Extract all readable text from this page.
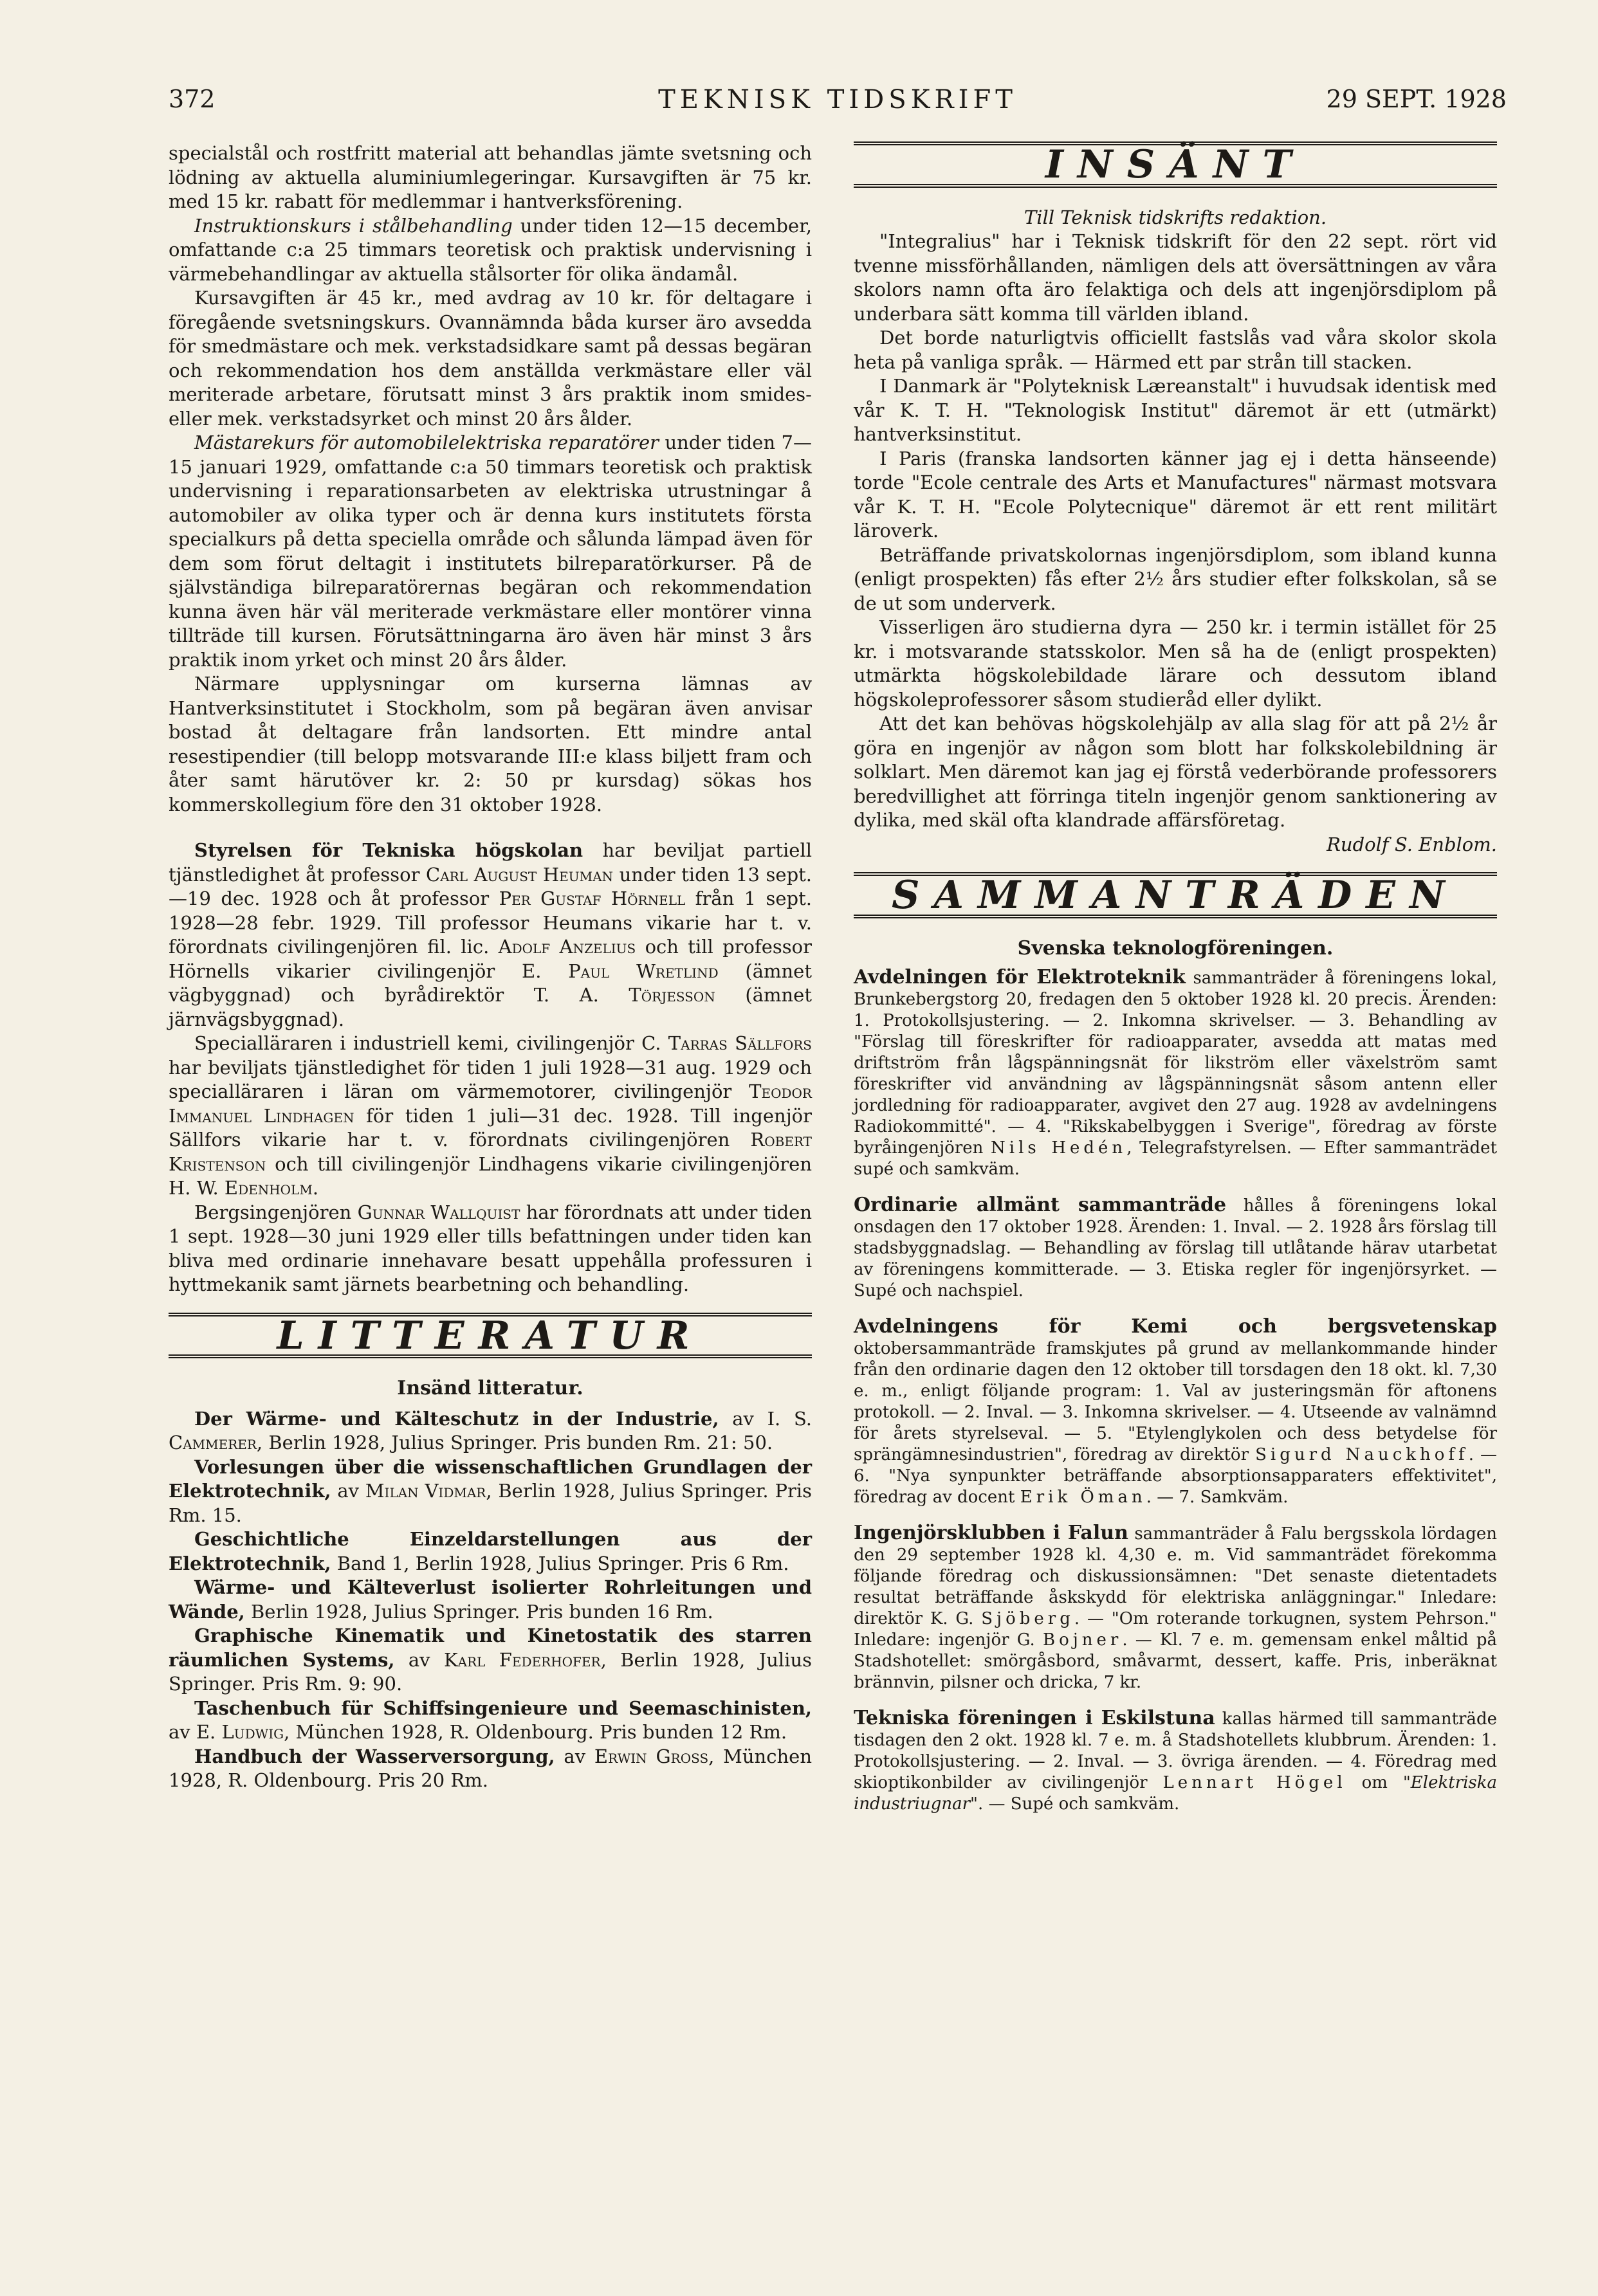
372	TEKNISK TIDSKRIFT	29 SEPT. 1928

specialstål och rostfritt material att behandlas jämte svetsning och lödning av aktuella aluminiumlegeringar. Kursavgiften är 75 kr. med 15 kr. rabatt för medlemmar i hantverksförening.

Instruktionskurs i stålbehandling under tiden 12—15 december, omfattande c:a 25 timmars teoretisk och praktisk undervisning i värmebehandlingar av aktuella stålsorter för olika ändamål.

Kursavgiften är 45 kr., med avdrag av 10 kr. för deltagare i föregående svetsningskurs. Ovannämnda båda kurser äro avsedda för smedmästare och mek. verkstadsidkare samt på dessas begäran och rekommendation hos dem anställda verkmästare eller väl meriterade arbetare, förutsatt minst 3 års praktik inom smides- eller mek. verkstadsyrket och minst 20 års ålder.

Mästarekurs för automobilelektriska reparatörer under tiden 7—15 januari 1929, omfattande c:a 50 timmars teoretisk och praktisk undervisning i reparationsarbeten av elektriska utrustningar å automobiler av olika typer och är denna kurs institutets första specialkurs på detta speciella område och sålunda lämpad även för dem som förut deltagit i institutets bilreparatörkurser. På de självständiga bilreparatörernas begäran och rekommendation kunna även här väl meriterade verkmästare eller montörer vinna tillträde till kursen. Förutsättningarna äro även här minst 3 års praktik inom yrket och minst 20 års ålder.

Närmare upplysningar om kurserna lämnas av Hantverksinstitutet i Stockholm, som på begäran även anvisar bostad åt deltagare från landsorten. Ett mindre antal resestipendier (till belopp motsvarande III:e klass biljett fram och åter samt härutöver kr. 2: 50 pr kursdag) sökas hos kommerskollegium före den 31 oktober 1928.

Styrelsen för Tekniska högskolan har beviljat partiell tjänstledighet åt professor Carl August Heuman under tiden 13 sept.—19 dec. 1928 och åt professor Per Gustaf Hörnell från 1 sept. 1928—28 febr. 1929. Till professor Heumans vikarie har t. v. förordnats civilingenjören fil. lic. Adolf Anzelius och till professor Hörnells vikarier civilingenjör E. Paul Wretlind (ämnet vägbyggnad) och byrådirektör T. A. Törjesson (ämnet järnvägsbyggnad).

Specialläraren i industriell kemi, civilingenjör C. Tarras Sällfors har beviljats tjänstledighet för tiden 1 juli 1928—31 aug. 1929 och specialläraren i läran om värmemotorer, civilingenjör Teodor Immanuel Lindhagen för tiden 1 juli—31 dec. 1928. Till ingenjör Sällfors vikarie har t. v. förordnats civilingenjören Robert Kristenson och till civilingenjör Lindhagens vikarie civilingenjören H. W. Edenholm.

Bergsingenjören Gunnar Wallquist har förordnats att under tiden 1 sept. 1928—30 juni 1929 eller tills befattningen under tiden kan bliva med ordinarie innehavare besatt uppehålla professuren i hyttmekanik samt järnets bearbetning och behandling.

LITTERATUR
Insänd litteratur.

Der Wärme- und Kälteschutz in der Industrie, av I. S. Cammerer, Berlin 1928, Julius Springer. Pris bunden Rm. 21: 50.

Vorlesungen über die wissenschaftlichen Grundlagen der Elektrotechnik, av Milan Vidmar, Berlin 1928, Julius Springer. Pris Rm. 15.

Geschichtliche Einzeldarstellungen aus der Elektrotechnik, Band 1, Berlin 1928, Julius Springer. Pris 6 Rm.

Wärme- und Kälteverlust isolierter Rohrleitungen und Wände, Berlin 1928, Julius Springer. Pris bunden 16 Rm.

Graphische Kinematik und Kinetostatik des starren räumlichen Systems, av Karl Federhofer, Berlin 1928, Julius Springer. Pris Rm. 9: 90.

Taschenbuch für Schiffsingenieure und Seemaschinisten, av E. Ludwig, München 1928, R. Oldenbourg. Pris bunden 12 Rm.

Handbuch der Wasserversorgung, av Erwin Gross, München 1928, R. Oldenbourg. Pris 20 Rm.

INSÄNT

Till Teknisk tidskrifts redaktion.

"Integralius" har i Teknisk tidskrift för den 22 sept. rört vid tvenne missförhållanden, nämligen dels att översättningen av våra skolors namn ofta äro felaktiga och dels att ingenjörsdiplom på underbara sätt komma till världen ibland.

Det borde naturligtvis officiellt fastslås vad våra skolor skola heta på vanliga språk. — Härmed ett par strån till stacken.

I Danmark är "Polyteknisk Læreanstalt" i huvudsak identisk med vår K. T. H. "Teknologisk Institut" däremot är ett (utmärkt) hantverksinstitut.

I Paris (franska landsorten känner jag ej i detta hänseende) torde "Ecole centrale des Arts et Manufactures" närmast motsvara vår K. T. H. "Ecole Polytecnique" däremot är ett rent militärt läroverk.

Beträffande privatskolornas ingenjörsdiplom, som ibland kunna (enligt prospekten) fås efter 2½ års studier efter folkskolan, så se de ut som underverk.

Visserligen äro studierna dyra — 250 kr. i termin istället för 25 kr. i motsvarande statsskolor. Men så ha de (enligt prospekten) utmärkta högskolebildade lärare och dessutom ibland högskoleprofessorer såsom studieråd eller dylikt.

Att det kan behövas högskolehjälp av alla slag för att på 2½ år göra en ingenjör av någon som blott har folkskolebildning är solklart. Men däremot kan jag ej förstå vederbörande professorers beredvillighet att förringa titeln ingenjör genom sanktionering av dylika, med skäl ofta klandrade affärsföretag.

Rudolf S. Enblom.

SAMMANTRÄDEN
Svenska teknologföreningen.

Avdelningen för Elektroteknik sammanträder å föreningens lokal, Brunkebergstorg 20, fredagen den 5 oktober 1928 kl. 20 precis. Ärenden: 1. Protokollsjustering. — 2. Inkomna skrivelser. — 3. Behandling av "Förslag till föreskrifter för radioapparater, avsedda att matas med driftström från lågspänningsnät för likström eller växelström samt föreskrifter vid användning av lågspänningsnät såsom antenn eller jordledning för radioapparater, avgivet den 27 aug. 1928 av avdelningens Radiokommitté". — 4. "Rikskabelbyggen i Sverige", föredrag av förste byråingenjören Nils Hedén, Telegrafstyrelsen. — Efter sammanträdet supé och samkväm.

Ordinarie allmänt sammanträde hålles å föreningens lokal onsdagen den 17 oktober 1928. Ärenden: 1. Inval. — 2. 1928 års förslag till stadsbyggnadslag. — Behandling av förslag till utlåtande härav utarbetat av föreningens kommitterade. — 3. Etiska regler för ingenjörsyrket. — Supé och nachspiel.

Avdelningens för Kemi och bergsvetenskap oktobersammanträde framskjutes på grund av mellankommande hinder från den ordinarie dagen den 12 oktober till torsdagen den 18 okt. kl. 7,30 e. m., enligt följande program: 1. Val av justeringsmän för aftonens protokoll. — 2. Inval. — 3. Inkomna skrivelser. — 4. Utseende av valnämnd för årets styrelseval. — 5. "Etylenglykolen och dess betydelse för sprängämnesindustrien", föredrag av direktör Sigurd Nauckhoff. — 6. "Nya synpunkter beträffande absorptionsapparaters effektivitet", föredrag av docent Erik Öman. — 7. Samkväm.

Ingenjörsklubben i Falun sammanträder å Falu bergsskola lördagen den 29 september 1928 kl. 4,30 e. m. Vid sammanträdet förekomma följande föredrag och diskussionsämnen: "Det senaste dietentadets resultat beträffande åskskydd för elektriska anläggningar." Inledare: direktör K. G. Sjöberg. — "Om roterande torkugnen, system Pehrson." Inledare: ingenjör G. Bojner. — Kl. 7 e. m. gemensam enkel måltid på Stadshotellet: smörgåsbord, småvarmt, dessert, kaffe. Pris, inberäknat brännvin, pilsner och dricka, 7 kr.

Tekniska föreningen i Eskilstuna kallas härmed till sammanträde tisdagen den 2 okt. 1928 kl. 7 e. m. å Stadshotellets klubbrum. Ärenden: 1. Protokollsjustering. — 2. Inval. — 3. övriga ärenden. — 4. Föredrag med skioptikonbilder av civilingenjör Lennart Högel om "Elektriska industriugnar". — Supé och samkväm.
